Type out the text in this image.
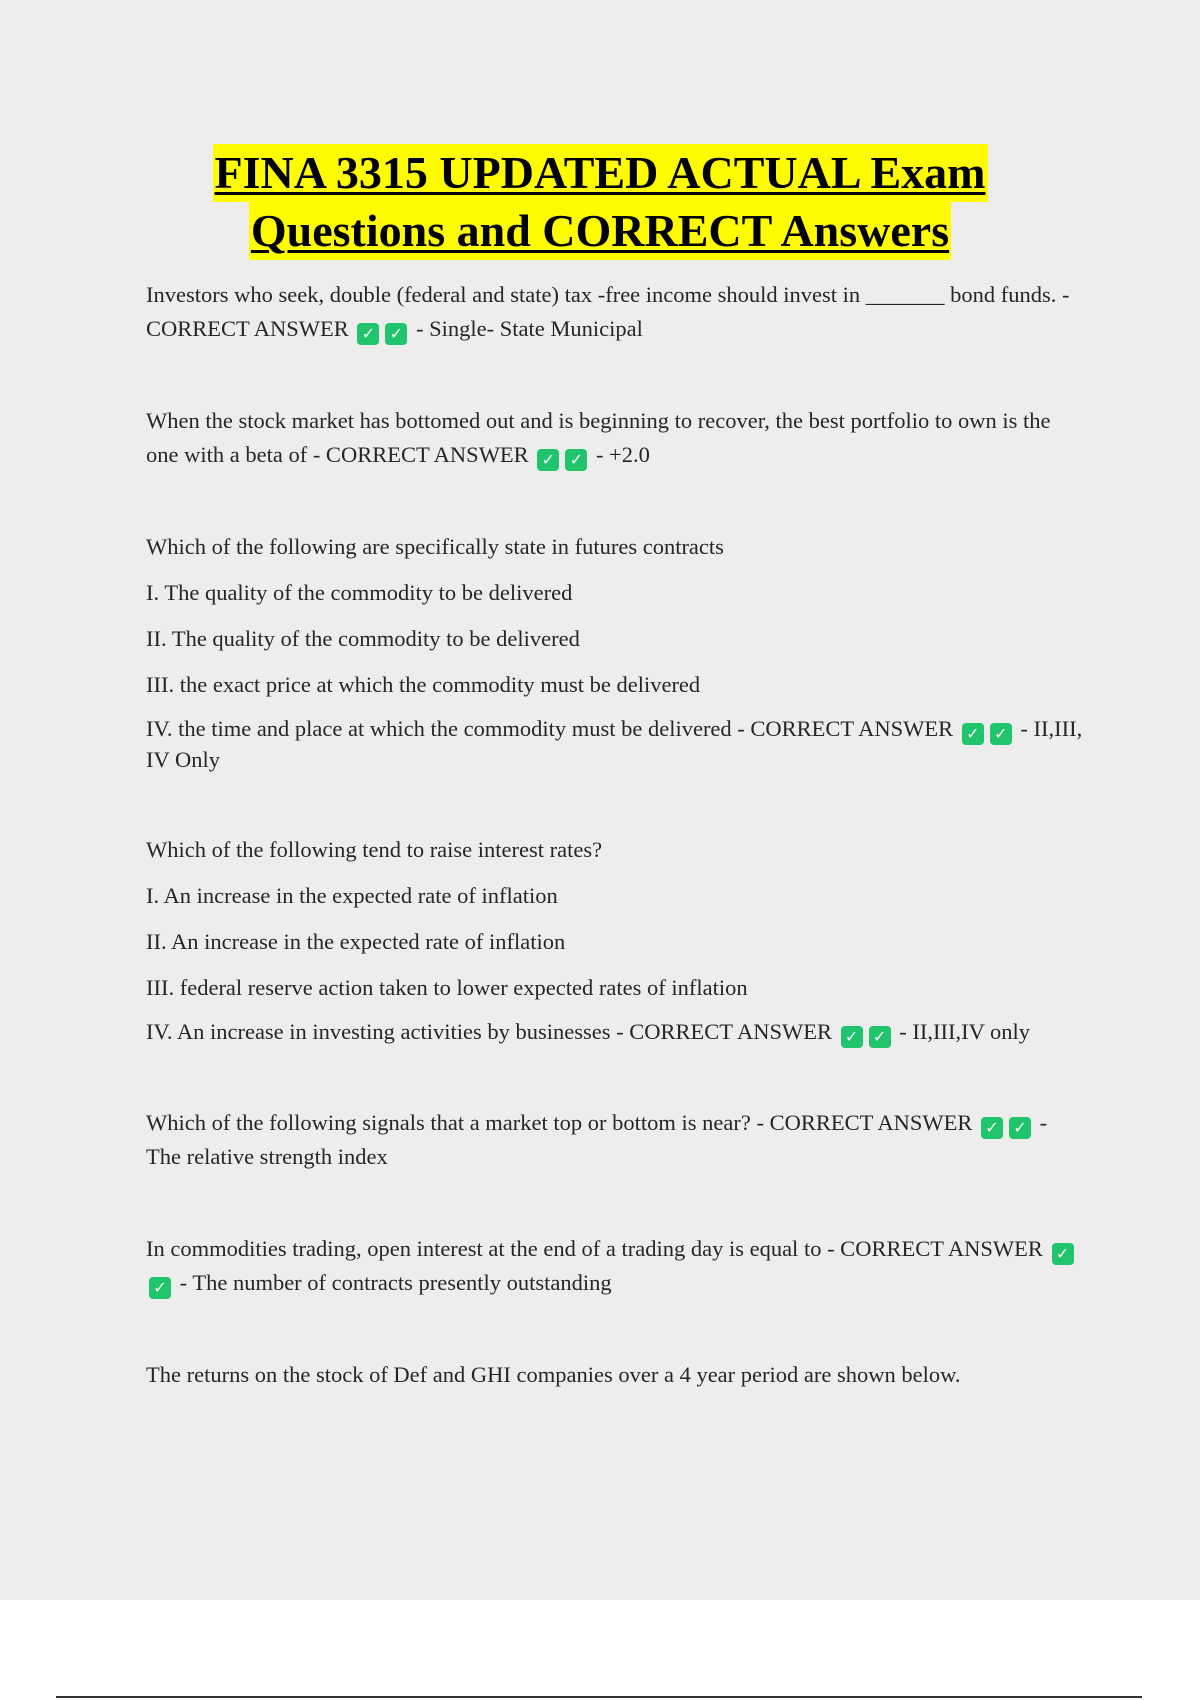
FINA 3315 UPDATED ACTUAL Exam
Questions and CORRECT Answers

Investors who seek, double (federal and state) tax -free income should invest in _______ bond funds. - CORRECT ANSWER ✓ ✓ - Single- State Municipal

When the stock market has bottomed out and is beginning to recover, the best portfolio to own is the one with a beta of - CORRECT ANSWER ✓ ✓ - +2.0

Which of the following are specifically state in futures contracts

I. The quality of the commodity to be delivered

II. The quality of the commodity to be delivered

III. the exact price at which the commodity must be delivered

IV. the time and place at which the commodity must be delivered - CORRECT ANSWER ✓ ✓ - II,III, IV Only

Which of the following tend to raise interest rates?

I. An increase in the expected rate of inflation

II. An increase in the expected rate of inflation

III. federal reserve action taken to lower expected rates of inflation

IV. An increase in investing activities by businesses - CORRECT ANSWER ✓ ✓ - II,III,IV only

Which of the following signals that a market top or bottom is near? - CORRECT ANSWER ✓ ✓ - The relative strength index

In commodities trading, open interest at the end of a trading day is equal to - CORRECT ANSWER ✓✓ - The number of contracts presently outstanding

The returns on the stock of Def and GHI companies over a 4 year period are shown below.
